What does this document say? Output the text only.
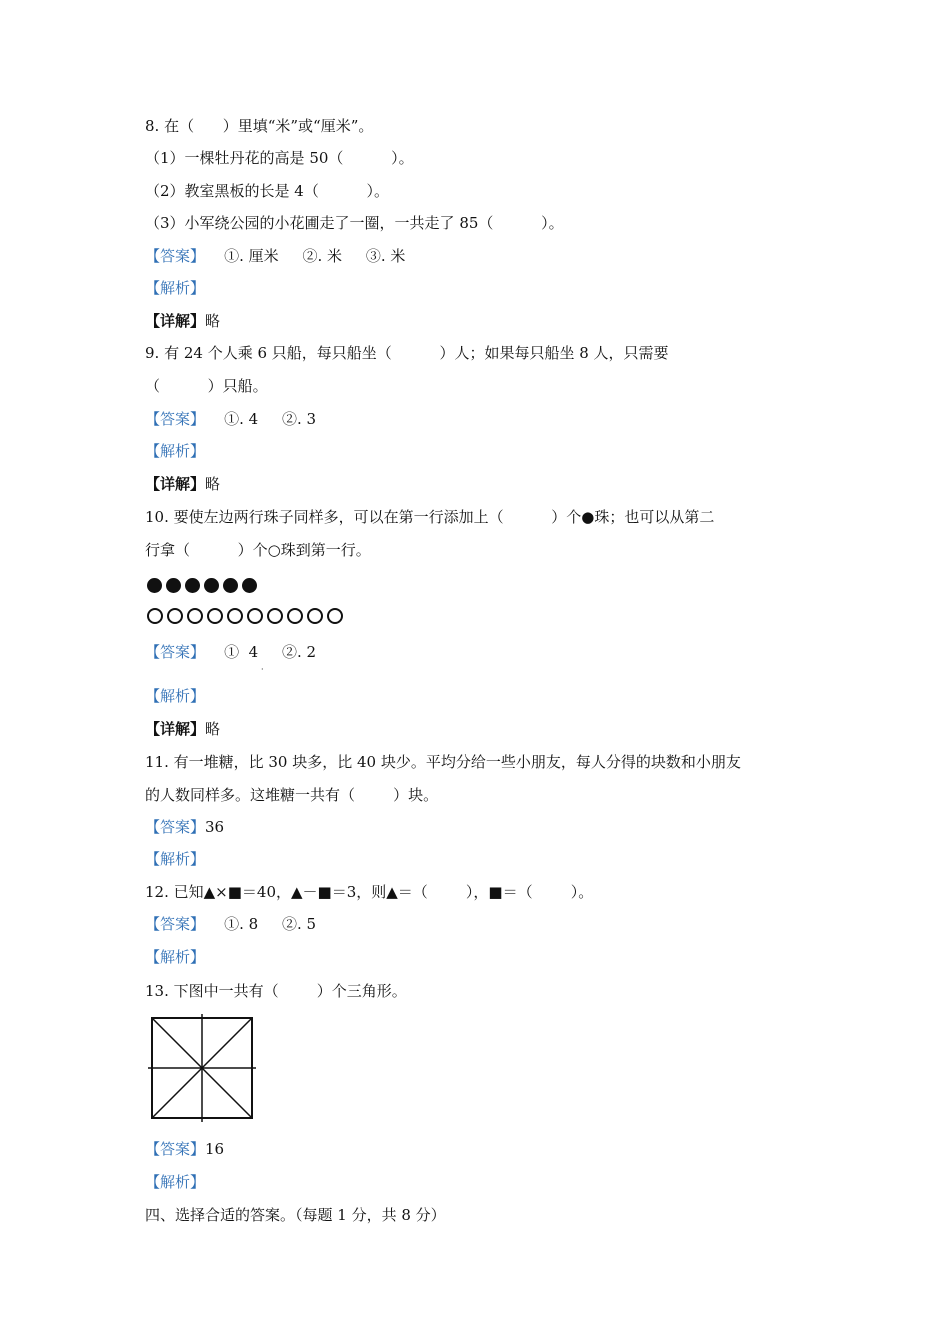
8. 在（      ）里填“米”或“厘米”。
（1）一棵牡丹花的高是 50（          ）。
（2）教室黑板的长是 4（          ）。
（3）小军绕公园的小花圃走了一圈，一共走了 85（          ）。
【答案】    ①. 厘米     ②. 米     ③. 米
【解析】
【详解】略
9. 有 24 个人乘 6 只船，每只船坐（          ）人；如果每只船坐 8 人，只需要
（          ）只船。
【答案】    ①. 4     ②. 3
【解析】
【详解】略
10. 要使左边两行珠子同样多，可以在第一行添加上（          ）个●珠；也可以从第二
行拿（          ）个○珠到第一行。
【答案】    ①  4     ②. 2
·
【解析】
【详解】略
11. 有一堆糖，比 30 块多，比 40 块少。平均分给一些小朋友，每人分得的块数和小朋友
的人数同样多。这堆糖一共有（        ）块。
【答案】36
【解析】
12. 已知▲×■＝40，▲－■＝3，则▲＝（        ），■＝（        ）。
【答案】    ①. 8     ②. 5
【解析】
13. 下图中一共有（        ）个三角形。
【答案】16
【解析】
四、选择合适的答案。（每题 1 分，共 8 分）
